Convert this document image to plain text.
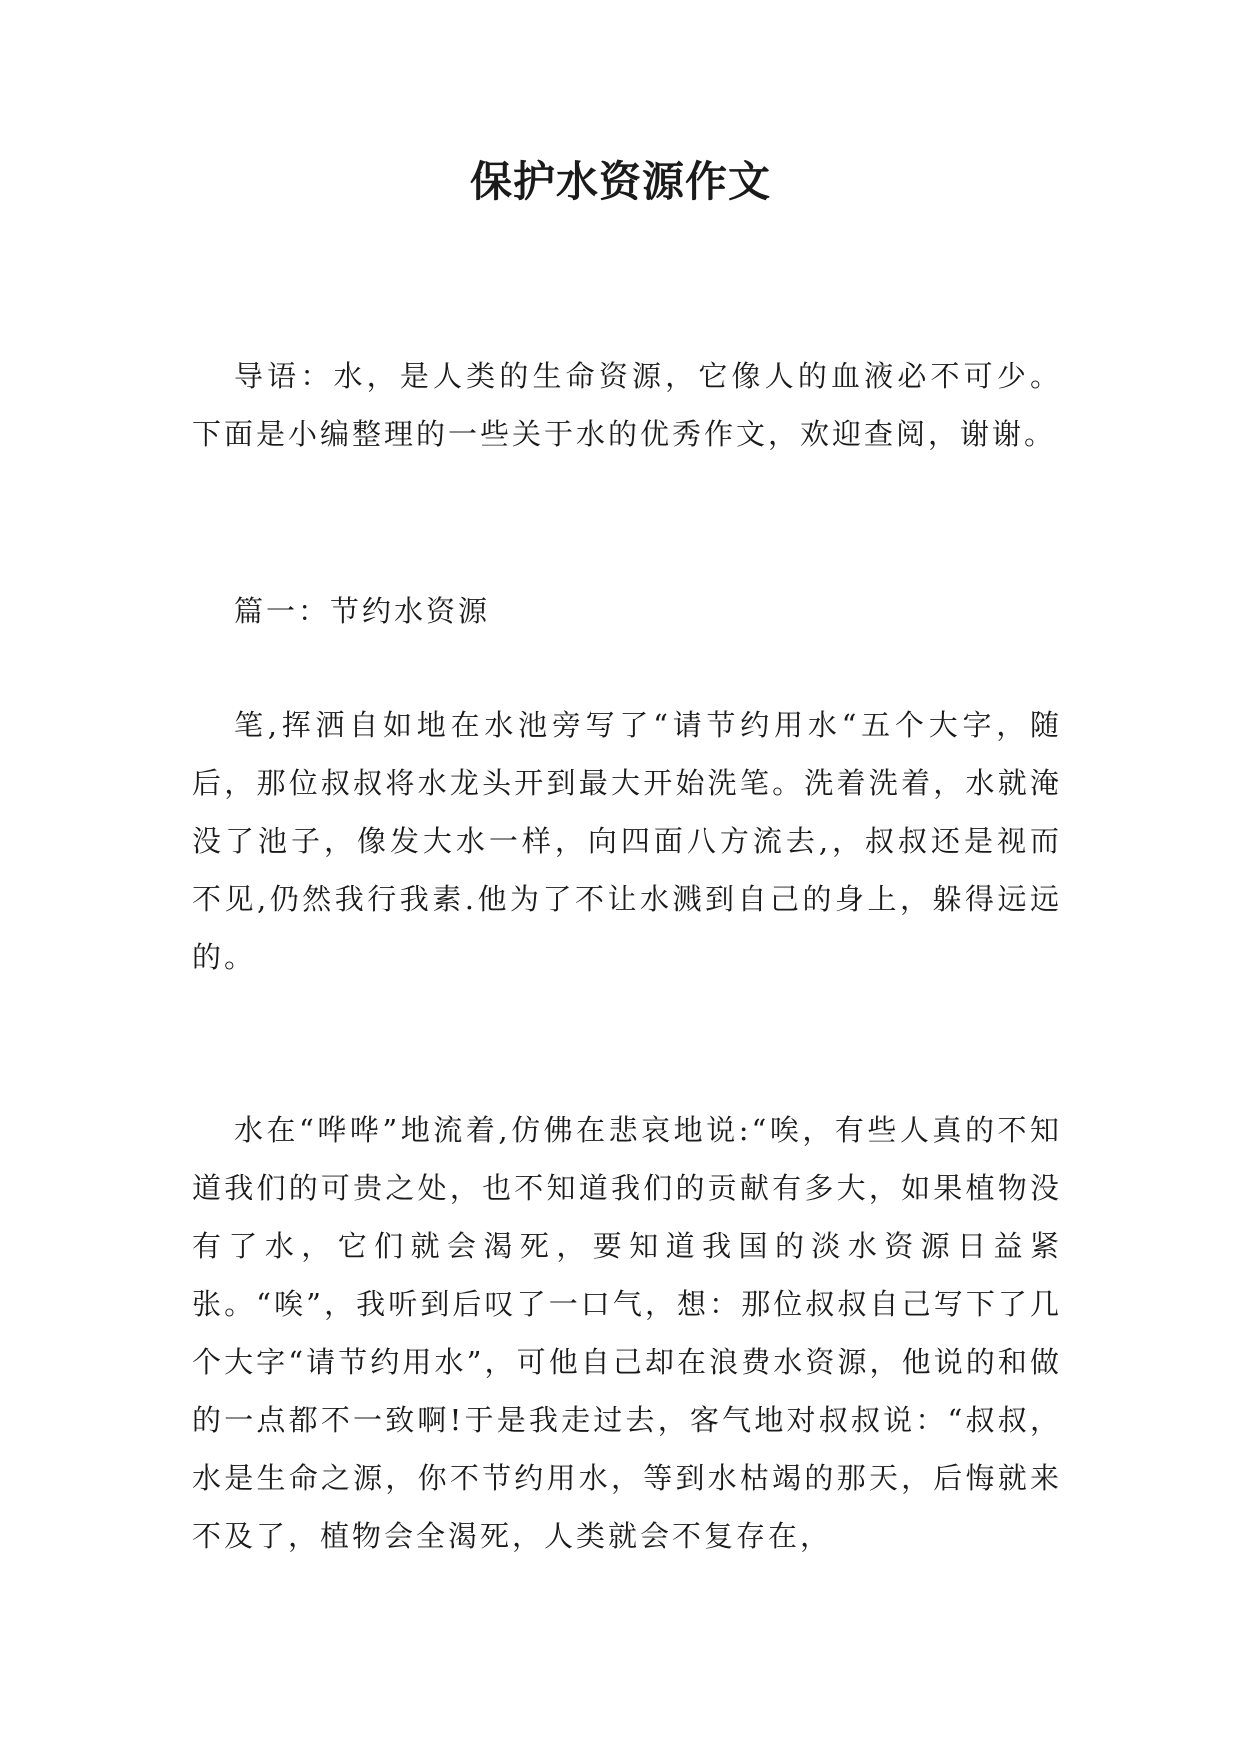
保护水资源作文

导语：水，是人类的生命资源，它像人的血液必不可少。下面是小编整理的一些关于水的优秀作文，欢迎查阅，谢谢。

篇一：节约水资源

笔,挥洒自如地在水池旁写了“请节约用水“五个大字，随后，那位叔叔将水龙头开到最大开始洗笔。洗着洗着，水就淹没了池子，像发大水一样，向四面八方流去,，叔叔还是视而不见,仍然我行我素.他为了不让水溅到自己的身上，躲得远远的。

水在“哗哗”地流着,仿佛在悲哀地说:“唉，有些人真的不知道我们的可贵之处，也不知道我们的贡献有多大，如果植物没有了水，它们就会渴死，要知道我国的淡水资源日益紧张。“唉”，我听到后叹了一口气，想：那位叔叔自己写下了几个大字“请节约用水”，可他自己却在浪费水资源，他说的和做的一点都不一致啊!于是我走过去，客气地对叔叔说：“叔叔，水是生命之源，你不节约用水，等到水枯竭的那天，后悔就来不及了，植物会全渴死，人类就会不复存在，
